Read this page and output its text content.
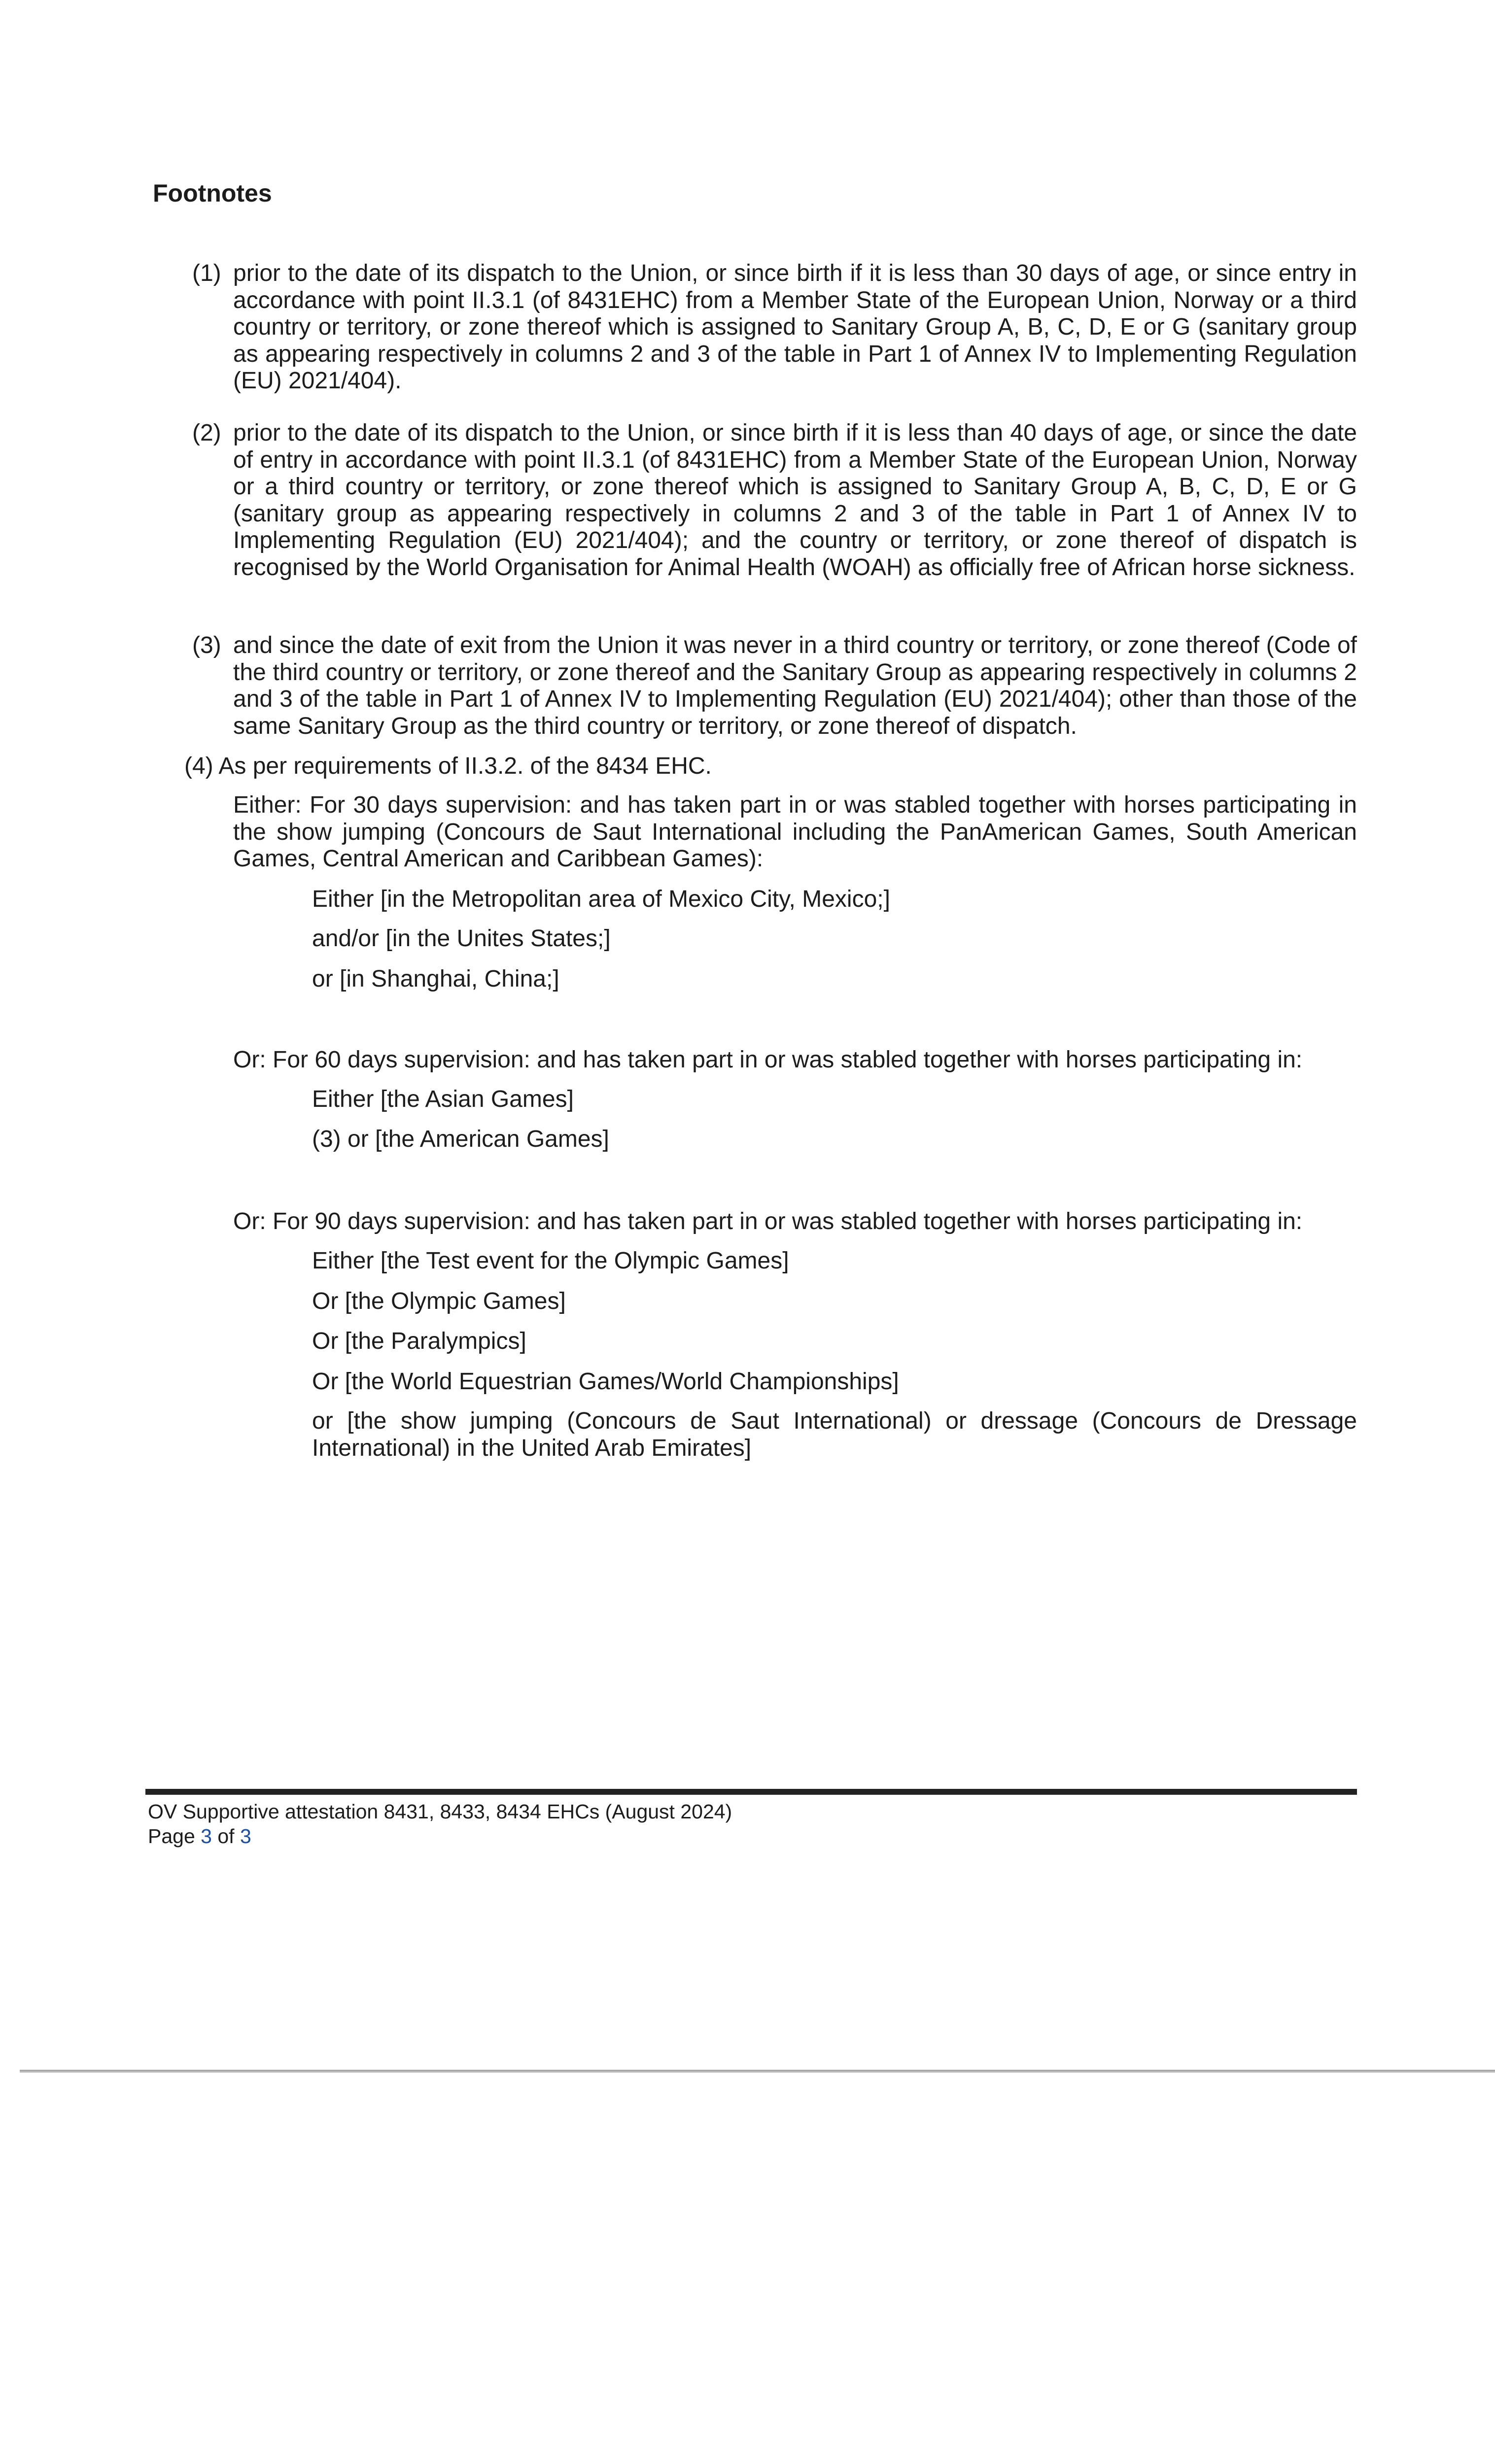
Footnotes
(1) prior to the date of its dispatch to the Union, or since birth if it is less than 30 days of age, or since entry in accordance with point II.3.1 (of 8431EHC) from a Member State of the European Union, Norway or a third country or territory, or zone thereof which is assigned to Sanitary Group A, B, C, D, E or G (sanitary group as appearing respectively in columns 2 and 3 of the table in Part 1 of Annex IV to Implementing Regulation (EU) 2021/404).

(2) prior to the date of its dispatch to the Union, or since birth if it is less than 40 days of age, or since the date of entry in accordance with point II.3.1 (of 8431EHC) from a Member State of the European Union, Norway or a third country or territory, or zone thereof which is assigned to Sanitary Group A, B, C, D, E or G (sanitary group as appearing respectively in columns 2 and 3 of the table in Part 1 of Annex IV to Implementing Regulation (EU) 2021/404); and the country or territory, or zone thereof of dispatch is recognised by the World Organisation for Animal Health (WOAH) as officially free of African horse sickness.

(3) and since the date of exit from the Union it was never in a third country or territory, or zone thereof (Code of the third country or territory, or zone thereof and the Sanitary Group as appearing respectively in columns 2 and 3 of the table in Part 1 of Annex IV to Implementing Regulation (EU) 2021/404); other than those of the same Sanitary Group as the third country or territory, or zone thereof of dispatch.

(4) As per requirements of II.3.2. of the 8434 EHC.

Either: For 30 days supervision: and has taken part in or was stabled together with horses participating in the show jumping (Concours de Saut International including the PanAmerican Games, South American Games, Central American and Caribbean Games):

Either [in the Metropolitan area of Mexico City, Mexico;]

and/or [in the Unites States;]

or [in Shanghai, China;]

Or: For 60 days supervision: and has taken part in or was stabled together with horses participating in:

Either [the Asian Games]

(3) or [the American Games]

Or: For 90 days supervision: and has taken part in or was stabled together with horses participating in:

Either [the Test event for the Olympic Games]

Or [the Olympic Games]

Or [the Paralympics]

Or [the World Equestrian Games/World Championships]

or [the show jumping (Concours de Saut International) or dressage (Concours de Dressage International) in the United Arab Emirates]

OV Supportive attestation 8431, 8433, 8434 EHCs (August 2024)

Page 3 of 3
